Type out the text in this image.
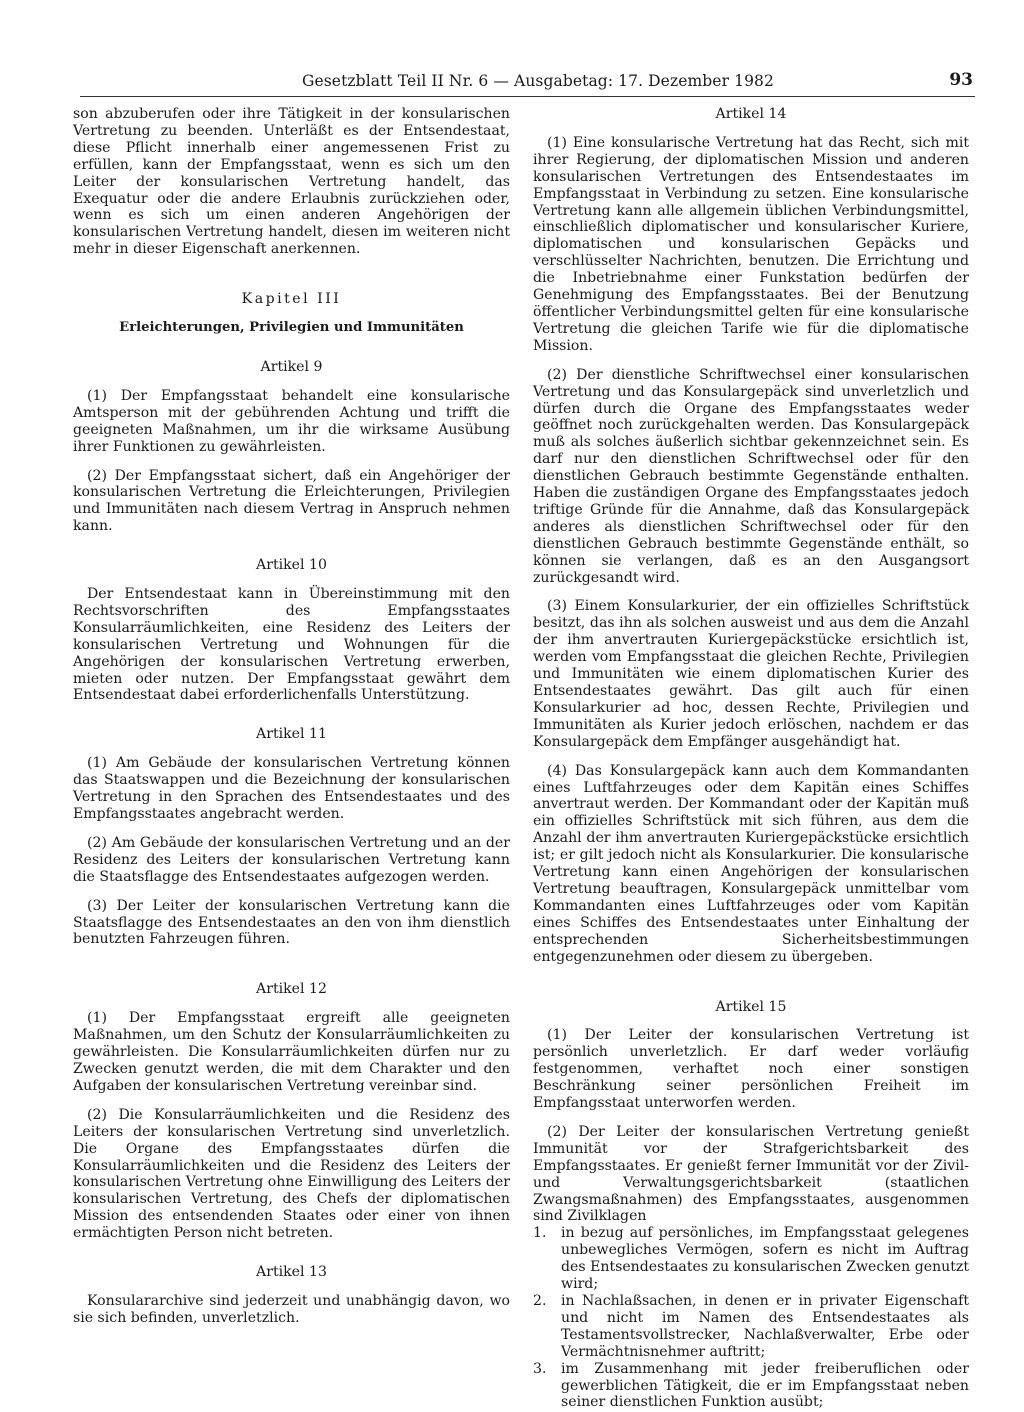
Gesetzblatt Teil II Nr. 6 — Ausgabetag: 17. Dezember 1982	93

son abzuberufen oder ihre Tätigkeit in der konsularischen Vertretung zu beenden. Unterläßt es der Entsendestaat, diese Pflicht innerhalb einer angemessenen Frist zu erfüllen, kann der Empfangsstaat, wenn es sich um den Leiter der konsularischen Vertretung handelt, das Exequatur oder die andere Erlaubnis zurückziehen oder, wenn es sich um einen anderen Angehörigen der konsularischen Vertretung handelt, diesen im weiteren nicht mehr in dieser Eigenschaft anerkennen.

Kapitel III

Erleichterungen, Privilegien und Immunitäten

Artikel 9

(1) Der Empfangsstaat behandelt eine konsularische Amtsperson mit der gebührenden Achtung und trifft die geeigneten Maßnahmen, um ihr die wirksame Ausübung ihrer Funktionen zu gewährleisten.

(2) Der Empfangsstaat sichert, daß ein Angehöriger der konsularischen Vertretung die Erleichterungen, Privilegien und Immunitäten nach diesem Vertrag in Anspruch nehmen kann.

Artikel 10

Der Entsendestaat kann in Übereinstimmung mit den Rechtsvorschriften des Empfangsstaates Konsularräumlichkeiten, eine Residenz des Leiters der konsularischen Vertretung und Wohnungen für die Angehörigen der konsularischen Vertretung erwerben, mieten oder nutzen. Der Empfangsstaat gewährt dem Entsendestaat dabei erforderlichenfalls Unterstützung.

Artikel 11

(1) Am Gebäude der konsularischen Vertretung können das Staatswappen und die Bezeichnung der konsularischen Vertretung in den Sprachen des Entsendestaates und des Empfangsstaates angebracht werden.

(2) Am Gebäude der konsularischen Vertretung und an der Residenz des Leiters der konsularischen Vertretung kann die Staatsflagge des Entsendestaates aufgezogen werden.

(3) Der Leiter der konsularischen Vertretung kann die Staatsflagge des Entsendestaates an den von ihm dienstlich benutzten Fahrzeugen führen.

Artikel 12

(1) Der Empfangsstaat ergreift alle geeigneten Maßnahmen, um den Schutz der Konsularräumlichkeiten zu gewährleisten. Die Konsularräumlichkeiten dürfen nur zu Zwecken genutzt werden, die mit dem Charakter und den Aufgaben der konsularischen Vertretung vereinbar sind.

(2) Die Konsularräumlichkeiten und die Residenz des Leiters der konsularischen Vertretung sind unverletzlich. Die Organe des Empfangsstaates dürfen die Konsularräumlichkeiten und die Residenz des Leiters der konsularischen Vertretung ohne Einwilligung des Leiters der konsularischen Vertretung, des Chefs der diplomatischen Mission des entsendenden Staates oder einer von ihnen ermächtigten Person nicht betreten.

Artikel 13

Konsulararchive sind jederzeit und unabhängig davon, wo sie sich befinden, unverletzlich.

Artikel 14

(1) Eine konsularische Vertretung hat das Recht, sich mit ihrer Regierung, der diplomatischen Mission und anderen konsularischen Vertretungen des Entsendestaates im Empfangsstaat in Verbindung zu setzen. Eine konsularische Vertretung kann alle allgemein üblichen Verbindungsmittel, einschließlich diplomatischer und konsularischer Kuriere, diplomatischen und konsularischen Gepäcks und verschlüsselter Nachrichten, benutzen. Die Errichtung und die Inbetriebnahme einer Funkstation bedürfen der Genehmigung des Empfangsstaates. Bei der Benutzung öffentlicher Verbindungsmittel gelten für eine konsularische Vertretung die gleichen Tarife wie für die diplomatische Mission.

(2) Der dienstliche Schriftwechsel einer konsularischen Vertretung und das Konsulargepäck sind unverletzlich und dürfen durch die Organe des Empfangsstaates weder geöffnet noch zurückgehalten werden. Das Konsulargepäck muß als solches äußerlich sichtbar gekennzeichnet sein. Es darf nur den dienstlichen Schriftwechsel oder für den dienstlichen Gebrauch bestimmte Gegenstände enthalten. Haben die zuständigen Organe des Empfangsstaates jedoch triftige Gründe für die Annahme, daß das Konsulargepäck anderes als dienstlichen Schriftwechsel oder für den dienstlichen Gebrauch bestimmte Gegenstände enthält, so können sie verlangen, daß es an den Ausgangsort zurückgesandt wird.

(3) Einem Konsularkurier, der ein offizielles Schriftstück besitzt, das ihn als solchen ausweist und aus dem die Anzahl der ihm anvertrauten Kuriergepäckstücke ersichtlich ist, werden vom Empfangsstaat die gleichen Rechte, Privilegien und Immunitäten wie einem diplomatischen Kurier des Entsendestaates gewährt. Das gilt auch für einen Konsularkurier ad hoc, dessen Rechte, Privilegien und Immunitäten als Kurier jedoch erlöschen, nachdem er das Konsulargepäck dem Empfänger ausgehändigt hat.

(4) Das Konsulargepäck kann auch dem Kommandanten eines Luftfahrzeuges oder dem Kapitän eines Schiffes anvertraut werden. Der Kommandant oder der Kapitän muß ein offizielles Schriftstück mit sich führen, aus dem die Anzahl der ihm anvertrauten Kuriergepäckstücke ersichtlich ist; er gilt jedoch nicht als Konsularkurier. Die konsularische Vertretung kann einen Angehörigen der konsularischen Vertretung beauftragen, Konsulargepäck unmittelbar vom Kommandanten eines Luftfahrzeuges oder vom Kapitän eines Schiffes des Entsendestaates unter Einhaltung der entsprechenden Sicherheitsbestimmungen entgegenzunehmen oder diesem zu übergeben.

Artikel 15

(1) Der Leiter der konsularischen Vertretung ist persönlich unverletzlich. Er darf weder vorläufig festgenommen, verhaftet noch einer sonstigen Beschränkung seiner persönlichen Freiheit im Empfangsstaat unterworfen werden.

(2) Der Leiter der konsularischen Vertretung genießt Immunität vor der Strafgerichtsbarkeit des Empfangsstaates. Er genießt ferner Immunität vor der Zivil- und Verwaltungsgerichtsbarkeit (staatlichen Zwangsmaßnahmen) des Empfangsstaates, ausgenommen sind Zivilklagen

1.	in bezug auf persönliches, im Empfangsstaat gelegenes unbewegliches Vermögen, sofern es nicht im Auftrag des Entsendestaates zu konsularischen Zwecken genutzt wird;
2.	in Nachlaßsachen, in denen er in privater Eigenschaft und nicht im Namen des Entsendestaates als Testamentsvollstrecker, Nachlaßverwalter, Erbe oder Vermächtnisnehmer auftritt;
3.	im Zusammenhang mit jeder freiberuflichen oder gewerblichen Tätigkeit, die er im Empfangsstaat neben seiner dienstlichen Funktion ausübt;
